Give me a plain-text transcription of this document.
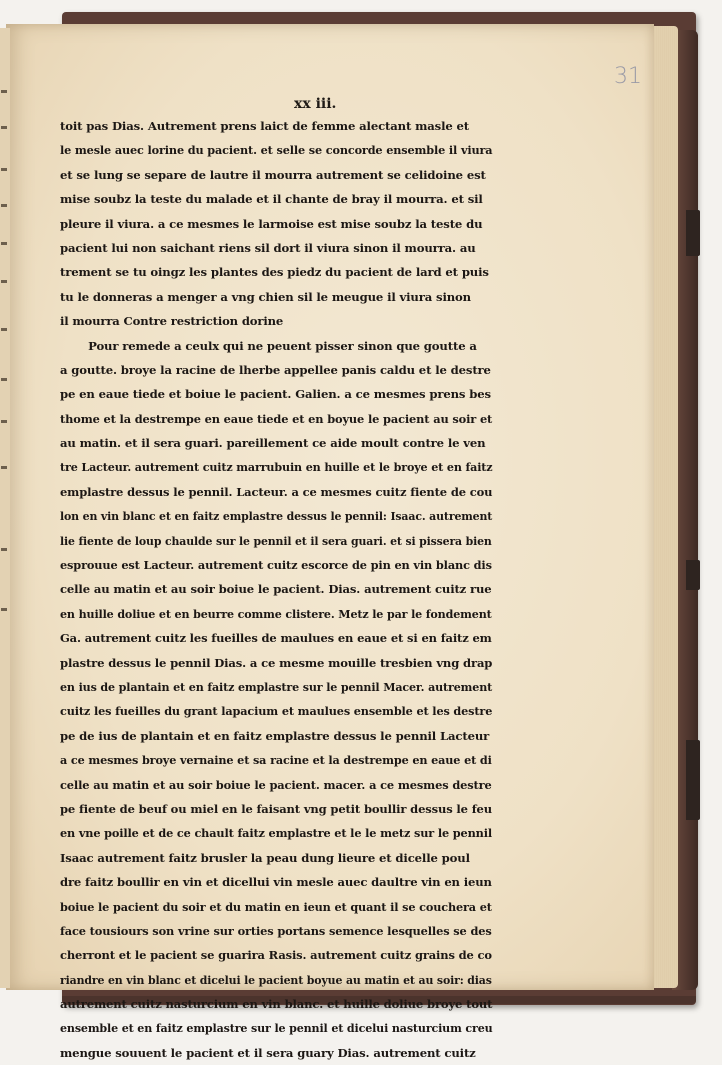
31
xx iii.
toit pas Dias. Autrement prens laict de femme alectant masle et
le mesle auec lorine du pacient. et selle se concorde ensemble il viura
et se lung se separe de lautre il mourra autrement se celidoine est
mise soubz la teste du malade et il chante de bray il mourra. et sil
pleure il viura. a ce mesmes le larmoise est mise soubz la teste du
pacient lui non saichant riens sil dort il viura sinon il mourra. au
trement se tu oingz les plantes des piedz du pacient de lard et puis
tu le donneras a menger a vng chien sil le meugue il viura sinon
il mourra Contre restriction dorine
Pour remede a ceulx qui ne peuent pisser sinon que goutte a
a goutte. broye la racine de lherbe appellee panis caldu et le destre
pe en eaue tiede et boiue le pacient. Galien. a ce mesmes prens bes
thome et la destrempe en eaue tiede et en boyue le pacient au soir et
au matin. et il sera guari. pareillement ce aide moult contre le ven
tre Lacteur. autrement cuitz marrubuin en huille et le broye et en faitz
emplastre dessus le pennil. Lacteur. a ce mesmes cuitz fiente de cou
lon en vin blanc et en faitz emplastre dessus le pennil: Isaac. autrement
lie fiente de loup chaulde sur le pennil et il sera guari. et si pissera bien
esprouue est Lacteur. autrement cuitz escorce de pin en vin blanc dis
celle au matin et au soir boiue le pacient. Dias. autrement cuitz rue
en huille doliue et en beurre comme clistere. Metz le par le fondement
Ga. autrement cuitz les fueilles de maulues en eaue et si en faitz em
plastre dessus le pennil Dias. a ce mesme mouille tresbien vng drap
en ius de plantain et en faitz emplastre sur le pennil Macer. autrement
cuitz les fueilles du grant lapacium et maulues ensemble et les destre
pe de ius de plantain et en faitz emplastre dessus le pennil Lacteur
a ce mesmes broye vernaine et sa racine et la destrempe en eaue et di
celle au matin et au soir boiue le pacient. macer. a ce mesmes destre
pe fiente de beuf ou miel en le faisant vng petit boullir dessus le feu
en vne poille et de ce chault faitz emplastre et le le metz sur le pennil
Isaac autrement faitz brusler la peau dung lieure et dicelle poul
dre faitz boullir en vin et dicellui vin mesle auec daultre vin en ieun
boiue le pacient du soir et du matin en ieun et quant il se couchera et
face tousiours son vrine sur orties portans semence lesquelles se des
cherront et le pacient se guarira Rasis. autrement cuitz grains de co
riandre en vin blanc et dicelui le pacient boyue au matin et au soir: dias
autrement cuitz nasturcium en vin blanc. et huille doliue broye tout
ensemble et en faitz emplastre sur le pennil et dicelui nasturcium creu
mengue souuent le pacient et il sera guary Dias. autrement cuitz
